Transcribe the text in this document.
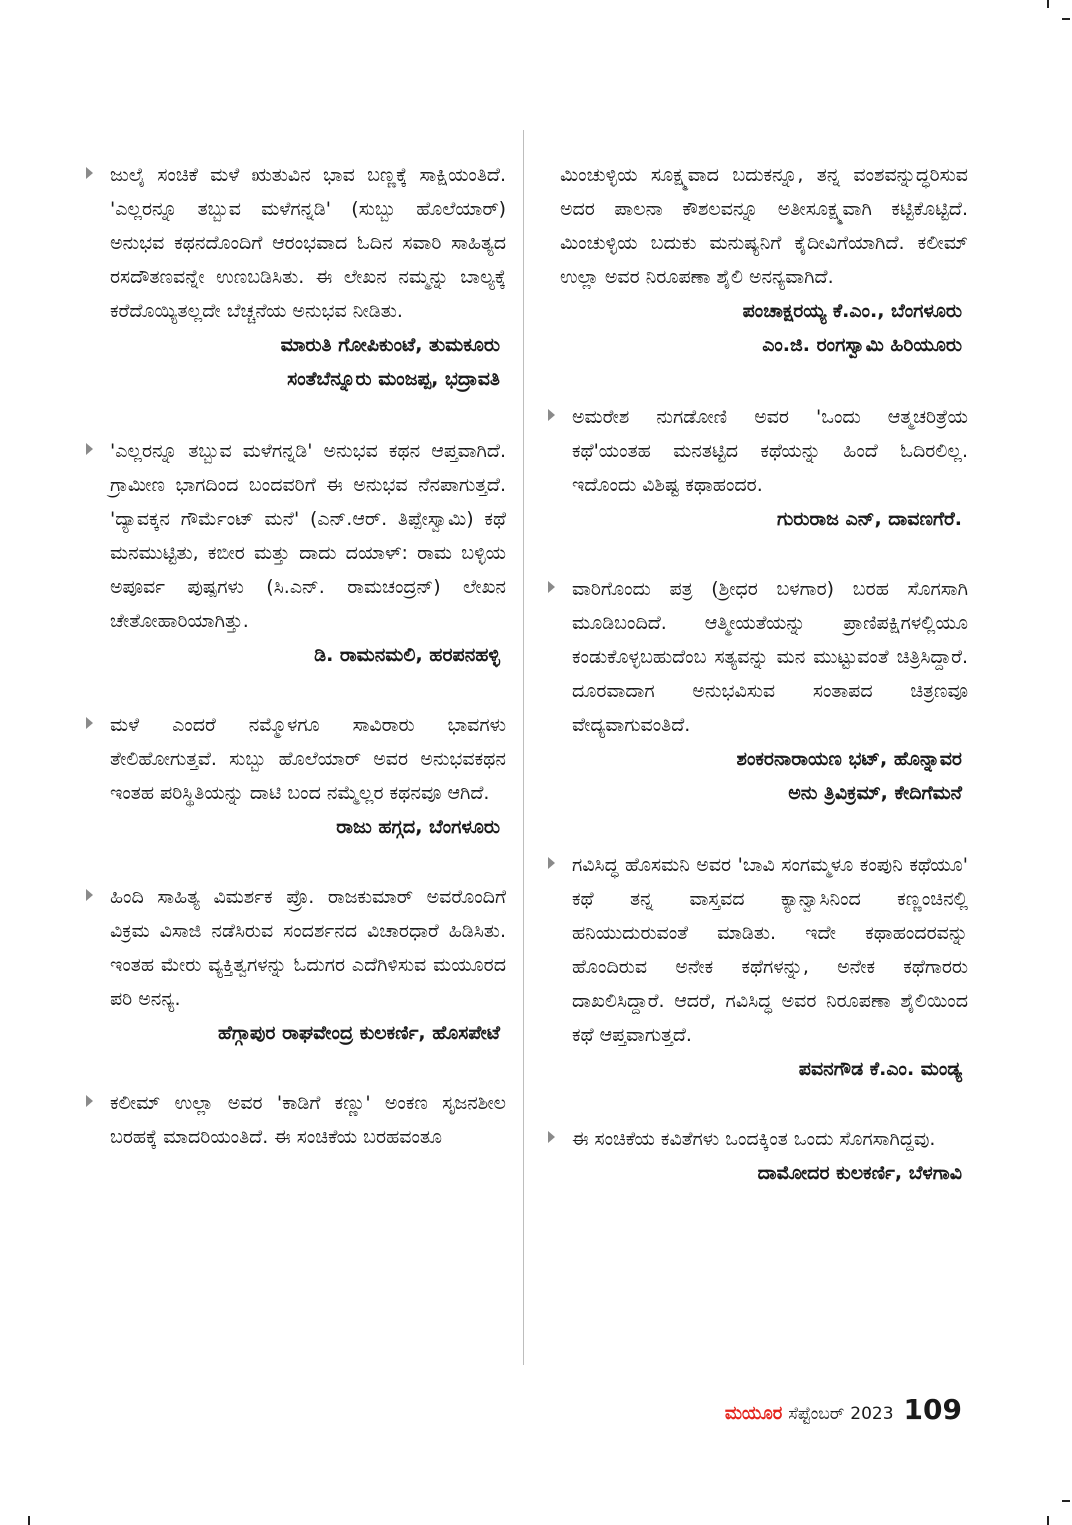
ಜುಲೈ ಸಂಚಿಕೆ ಮಳೆ ಋತುವಿನ ಭಾವ ಬಣ್ಣಕ್ಕೆ ಸಾಕ್ಷಿಯಂತಿದೆ. 'ಎಲ್ಲರನ್ನೂ ತಬ್ಬುವ ಮಳೆಗನ್ನಡಿ' (ಸುಬ್ಬು ಹೊಲೆಯಾರ್) ಅನುಭವ ಕಥನದೊಂದಿಗೆ ಆರಂಭವಾದ ಓದಿನ ಸವಾರಿ ಸಾಹಿತ್ಯದ ರಸದೌತಣವನ್ನೇ ಉಣಬಡಿಸಿತು. ಈ ಲೇಖನ ನಮ್ಮನ್ನು ಬಾಲ್ಯಕ್ಕೆ ಕರೆದೊಯ್ಯಿತಲ್ಲದೇ ಬೆಚ್ಚನೆಯ ಅನುಭವ ನೀಡಿತು.
ಮಾರುತಿ ಗೋಪಿಕುಂಟೆ, ತುಮಕೂರು
ಸಂತೆಬೆನ್ನೂರು ಮಂಜಪ್ಪ, ಭದ್ರಾವತಿ
'ಎಲ್ಲರನ್ನೂ ತಬ್ಬುವ ಮಳೆಗನ್ನಡಿ' ಅನುಭವ ಕಥನ ಆಪ್ತವಾಗಿದೆ. ಗ್ರಾಮೀಣ ಭಾಗದಿಂದ ಬಂದವರಿಗೆ ಈ ಅನುಭವ ನೆನಪಾಗುತ್ತದೆ. 'ದ್ಯಾವಕ್ಕನ ಗೌರ್ಮೆಂಟ್ ಮನೆ' (ಎನ್.ಆರ್. ತಿಪ್ಪೇಸ್ವಾಮಿ) ಕಥೆ ಮನಮುಟ್ಟಿತು, ಕಬೀರ ಮತ್ತು ದಾದು ದಯಾಳ್: ರಾಮ ಬಳ್ಳಿಯ ಅಪೂರ್ವ ಪುಷ್ಪಗಳು (ಸಿ.ಎನ್. ರಾಮಚಂದ್ರನ್) ಲೇಖನ ಚೇತೋಹಾರಿಯಾಗಿತ್ತು.
ಡಿ. ರಾಮನಮಲಿ, ಹರಪನಹಳ್ಳಿ
ಮಳೆ ಎಂದರೆ ನಮ್ಮೊಳಗೂ ಸಾವಿರಾರು ಭಾವಗಳು ತೇಲಿಹೋಗುತ್ತವೆ. ಸುಬ್ಬು ಹೊಲೆಯಾರ್ ಅವರ ಅನುಭವಕಥನ ಇಂತಹ ಪರಿಸ್ಥಿತಿಯನ್ನು ದಾಟಿ ಬಂದ ನಮ್ಮೆಲ್ಲರ ಕಥನವೂ ಆಗಿದೆ.
ರಾಜು ಹಗ್ಗದ, ಬೆಂಗಳೂರು
ಹಿಂದಿ ಸಾಹಿತ್ಯ ವಿಮರ್ಶಕ ಪ್ರೊ. ರಾಜಕುಮಾರ್ ಅವರೊಂದಿಗೆ ವಿಕ್ರಮ ವಿಸಾಜಿ ನಡೆಸಿರುವ ಸಂದರ್ಶನದ ವಿಚಾರಧಾರೆ ಹಿಡಿಸಿತು. ಇಂತಹ ಮೇರು ವ್ಯಕ್ತಿತ್ವಗಳನ್ನು ಓದುಗರ ಎದೆಗಿಳಿಸುವ ಮಯೂರದ ಪರಿ ಅನನ್ಯ.
ಹೆಗ್ಗಾಪುರ ರಾಘವೇಂದ್ರ ಕುಲಕರ್ಣಿ, ಹೊಸಪೇಟೆ
ಕಲೀಮ್ ಉಲ್ಲಾ ಅವರ 'ಕಾಡಿಗೆ ಕಣ್ಣು' ಅಂಕಣ ಸೃಜನಶೀಲ ಬರಹಕ್ಕೆ ಮಾದರಿಯಂತಿದೆ. ಈ ಸಂಚಿಕೆಯ ಬರಹವಂತೂ
ಮಿಂಚುಳ್ಳಿಯ ಸೂಕ್ಷ್ಮವಾದ ಬದುಕನ್ನೂ, ತನ್ನ ವಂಶವನ್ನುದ್ಧರಿಸುವ ಅದರ ಪಾಲನಾ ಕೌಶಲವನ್ನೂ ಅತೀಸೂಕ್ಷ್ಮವಾಗಿ ಕಟ್ಟಿಕೊಟ್ಟಿದೆ. ಮಿಂಚುಳ್ಳಿಯ ಬದುಕು ಮನುಷ್ಯನಿಗೆ ಕೈದೀವಿಗೆಯಾಗಿದೆ. ಕಲೀಮ್ ಉಲ್ಲಾ ಅವರ ನಿರೂಪಣಾ ಶೈಲಿ ಅನನ್ಯವಾಗಿದೆ.
ಪಂಚಾಕ್ಷರಯ್ಯ ಕೆ.ಎಂ., ಬೆಂಗಳೂರು
ಎಂ.ಜಿ. ರಂಗಸ್ವಾಮಿ ಹಿರಿಯೂರು
ಅಮರೇಶ ನುಗಡೋಣಿ ಅವರ 'ಒಂದು ಆತ್ಮಚರಿತ್ರೆಯ ಕಥೆ'ಯಂತಹ ಮನತಟ್ಟಿದ ಕಥೆಯನ್ನು ಹಿಂದೆ ಓದಿರಲಿಲ್ಲ. ಇದೊಂದು ವಿಶಿಷ್ಟ ಕಥಾಹಂದರ.
ಗುರುರಾಜ ಎನ್, ದಾವಣಗೆರೆ.
ವಾರಿಗೊಂದು ಪತ್ರ (ಶ್ರೀಧರ ಬಳಗಾರ) ಬರಹ ಸೊಗಸಾಗಿ ಮೂಡಿಬಂದಿದೆ. ಆತ್ಮೀಯತೆಯನ್ನು ಪ್ರಾಣಿಪಕ್ಷಿಗಳಲ್ಲಿಯೂ ಕಂಡುಕೊಳ್ಳಬಹುದೆಂಬ ಸತ್ಯವನ್ನು ಮನ ಮುಟ್ಟುವಂತೆ ಚಿತ್ರಿಸಿದ್ದಾರೆ. ದೂರವಾದಾಗ ಅನುಭವಿಸುವ ಸಂತಾಪದ ಚಿತ್ರಣವೂ ವೇದ್ಯವಾಗುವಂತಿದೆ.
ಶಂಕರನಾರಾಯಣ ಭಟ್, ಹೊನ್ನಾವರ
ಅನು ತ್ರಿವಿಕ್ರಮ್, ಕೇದಿಗೆಮನೆ
ಗವಿಸಿದ್ಧ ಹೊಸಮನಿ ಅವರ 'ಬಾವಿ ಸಂಗಮ್ಮಳೂ ಕಂಪುನಿ ಕಥೆಯೂ' ಕಥೆ ತನ್ನ ವಾಸ್ತವದ ಕ್ಯಾನ್ವಾಸಿನಿಂದ ಕಣ್ಣಂಚಿನಲ್ಲಿ ಹನಿಯುದುರುವಂತೆ ಮಾಡಿತು. ಇದೇ ಕಥಾಹಂದರವನ್ನು ಹೊಂದಿರುವ ಅನೇಕ ಕಥೆಗಳನ್ನು, ಅನೇಕ ಕಥೆಗಾರರು ದಾಖಲಿಸಿದ್ದಾರೆ. ಆದರೆ, ಗವಿಸಿದ್ಧ ಅವರ ನಿರೂಪಣಾ ಶೈಲಿಯಿಂದ ಕಥೆ ಆಪ್ತವಾಗುತ್ತದೆ.
ಪವನಗೌಡ ಕೆ.ಎಂ. ಮಂಡ್ಯ
ಈ ಸಂಚಿಕೆಯ ಕವಿತೆಗಳು ಒಂದಕ್ಕಿಂತ ಒಂದು ಸೊಗಸಾಗಿದ್ದವು.
ದಾಮೋದರ ಕುಲಕರ್ಣಿ, ಬೆಳಗಾವಿ
ಮಯೂರ ಸೆಪ್ಟೆಂಬರ್ 2023 109
